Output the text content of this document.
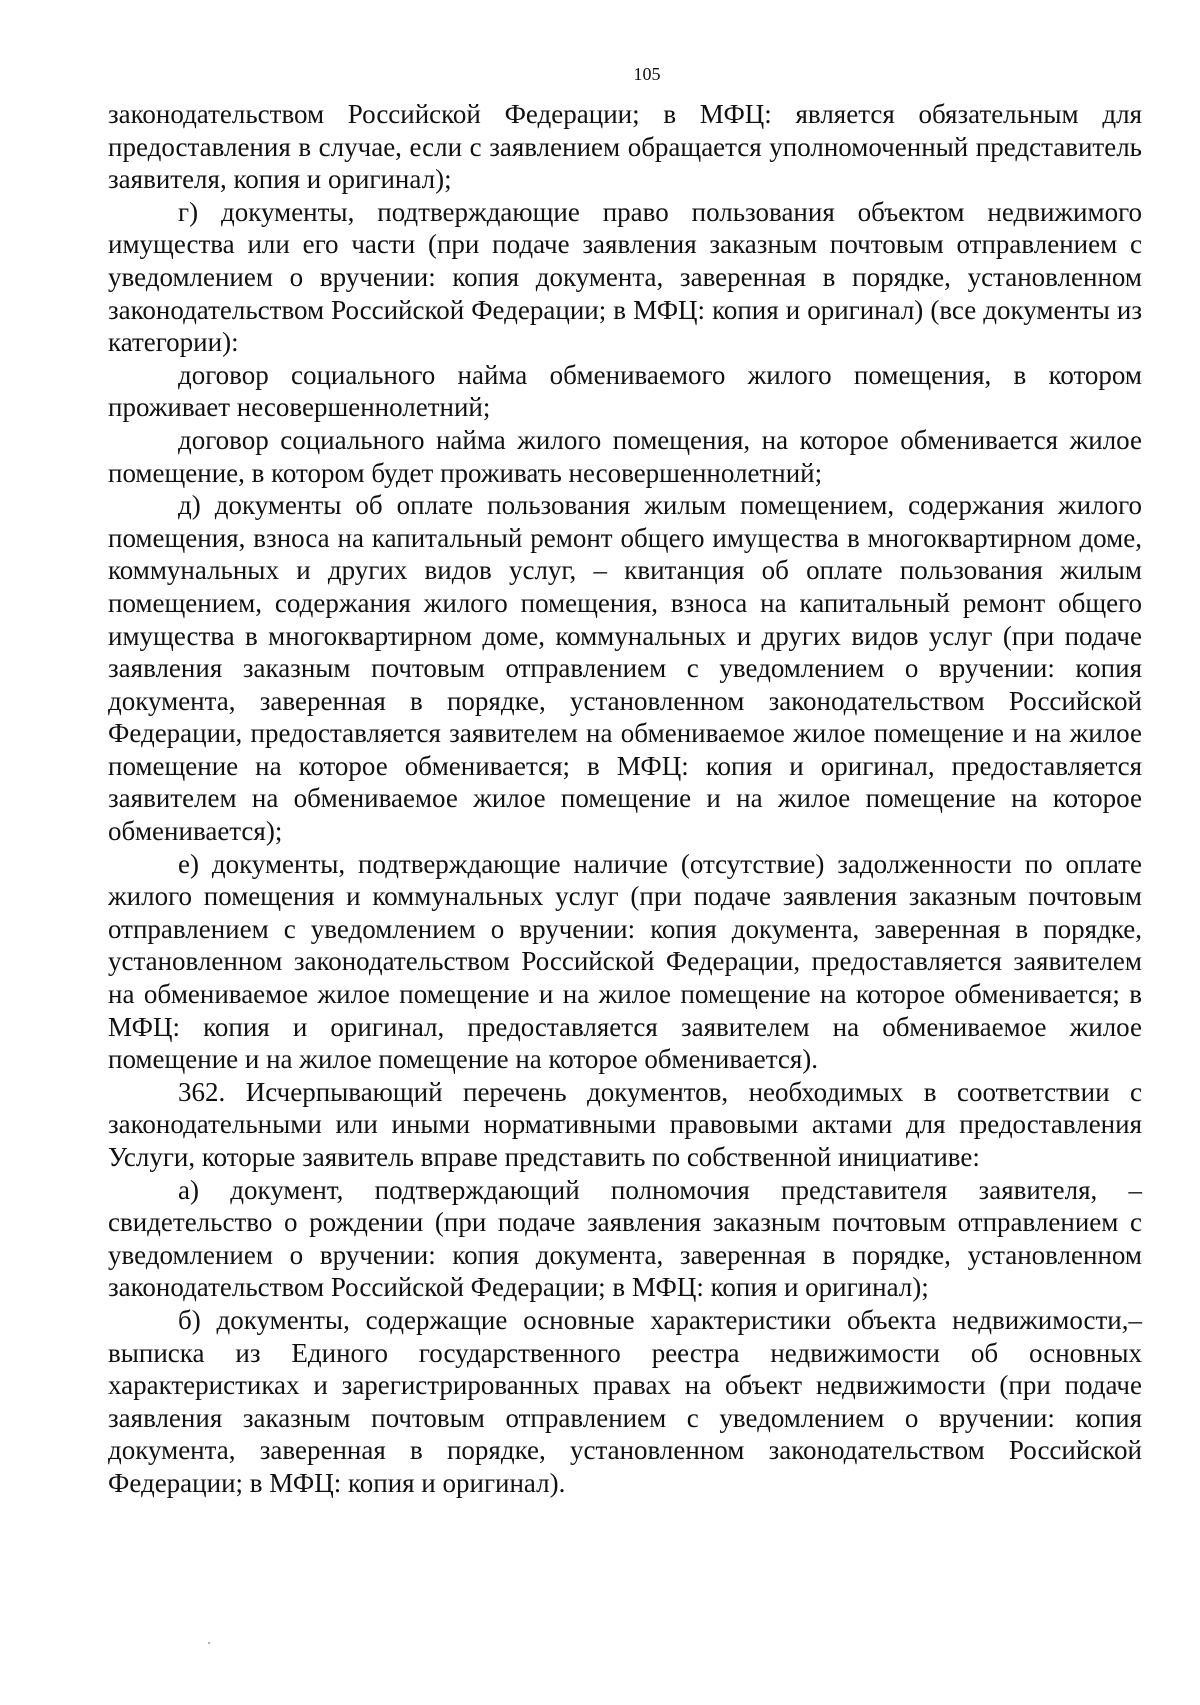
105

законодательством Российской Федерации; в МФЦ: является обязательным для предоставления в случае, если с заявлением обращается уполномоченный представитель заявителя, копия и оригинал);

г) документы, подтверждающие право пользования объектом недвижимого имущества или его части (при подаче заявления заказным почтовым отправлением с уведомлением о вручении: копия документа, заверенная в порядке, установленном законодательством Российской Федерации; в МФЦ: копия и оригинал) (все документы из категории):

договор социального найма обмениваемого жилого помещения, в котором проживает несовершеннолетний;

договор социального найма жилого помещения, на которое обменивается жилое помещение, в котором будет проживать несовершеннолетний;

д) документы об оплате пользования жилым помещением, содержания жилого помещения, взноса на капитальный ремонт общего имущества в многоквартирном доме, коммунальных и других видов услуг, – квитанция об оплате пользования жилым помещением, содержания жилого помещения, взноса на капитальный ремонт общего имущества в многоквартирном доме, коммунальных и других видов услуг (при подаче заявления заказным почтовым отправлением с уведомлением о вручении: копия документа, заверенная в порядке, установленном законодательством Российской Федерации, предоставляется заявителем на обмениваемое жилое помещение и на жилое помещение на которое обменивается; в МФЦ: копия и оригинал, предоставляется заявителем на обмениваемое жилое помещение и на жилое помещение на которое обменивается);

е) документы, подтверждающие наличие (отсутствие) задолженности по оплате жилого помещения и коммунальных услуг (при подаче заявления заказным почтовым отправлением с уведомлением о вручении: копия документа, заверенная в порядке, установленном законодательством Российской Федерации, предоставляется заявителем на обмениваемое жилое помещение и на жилое помещение на которое обменивается; в МФЦ: копия и оригинал, предоставляется заявителем на обмениваемое жилое помещение и на жилое помещение на которое обменивается).

362. Исчерпывающий перечень документов, необходимых в соответствии с законодательными или иными нормативными правовыми актами для предоставления Услуги, которые заявитель вправе представить по собственной инициативе:

а) документ, подтверждающий полномочия представителя заявителя, – свидетельство о рождении (при подаче заявления заказным почтовым отправлением с уведомлением о вручении: копия документа, заверенная в порядке, установленном законодательством Российской Федерации; в МФЦ: копия и оригинал);

б) документы, содержащие основные характеристики объекта недвижимости,– выписка из Единого государственного реестра недвижимости об основных характеристиках и зарегистрированных правах на объект недвижимости (при подаче заявления заказным почтовым отправлением с уведомлением о вручении: копия документа, заверенная в порядке, установленном законодательством Российской Федерации; в МФЦ: копия и оригинал).
